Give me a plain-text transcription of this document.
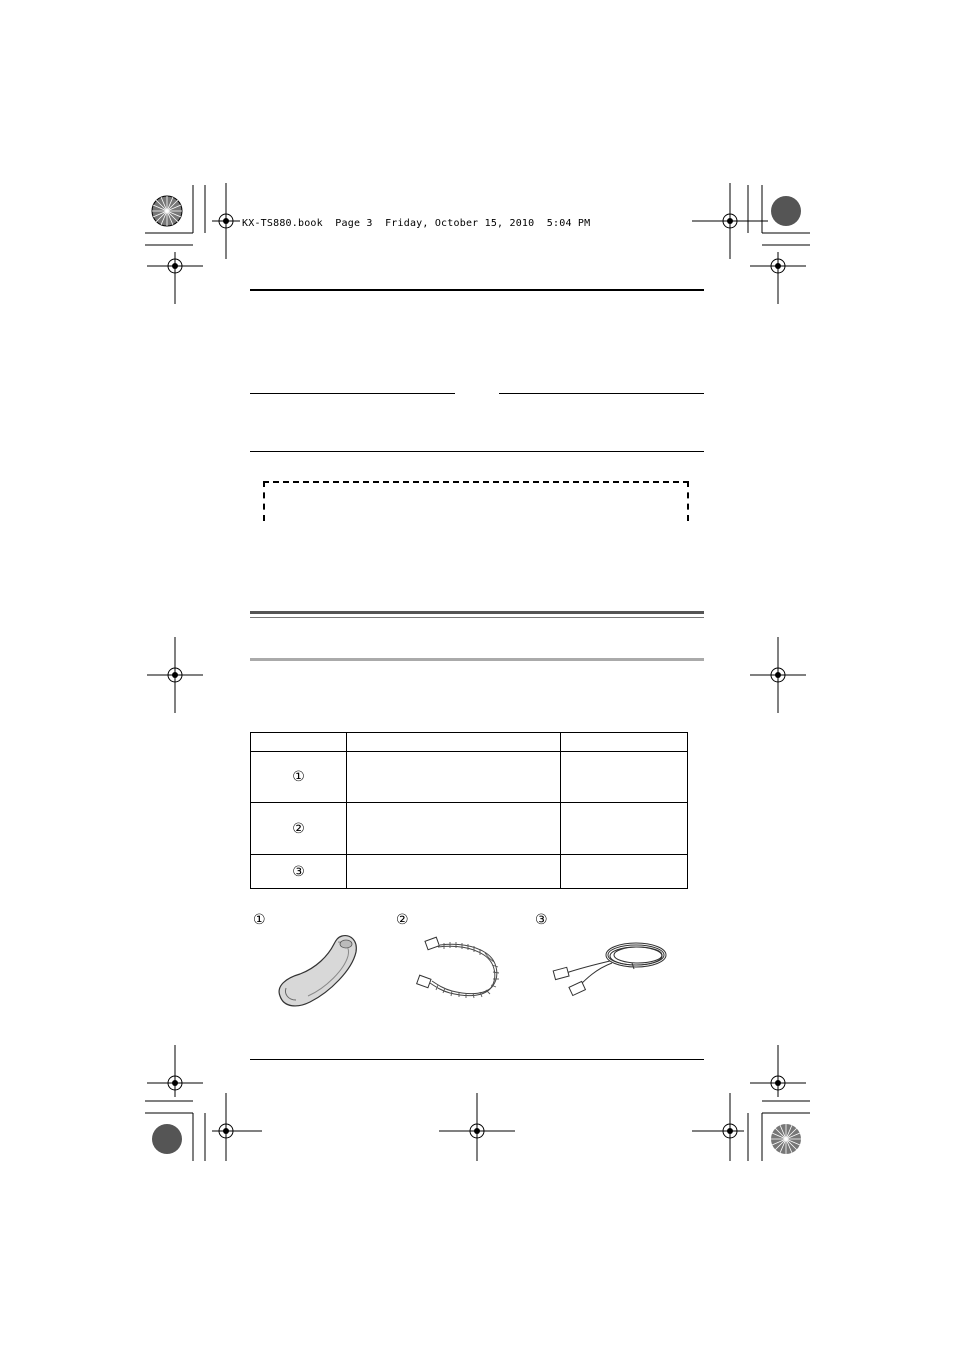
KX-TS880.book  Page 3  Friday, October 15, 2010  5:04 PM

①		
②		
③		
①	②	③
